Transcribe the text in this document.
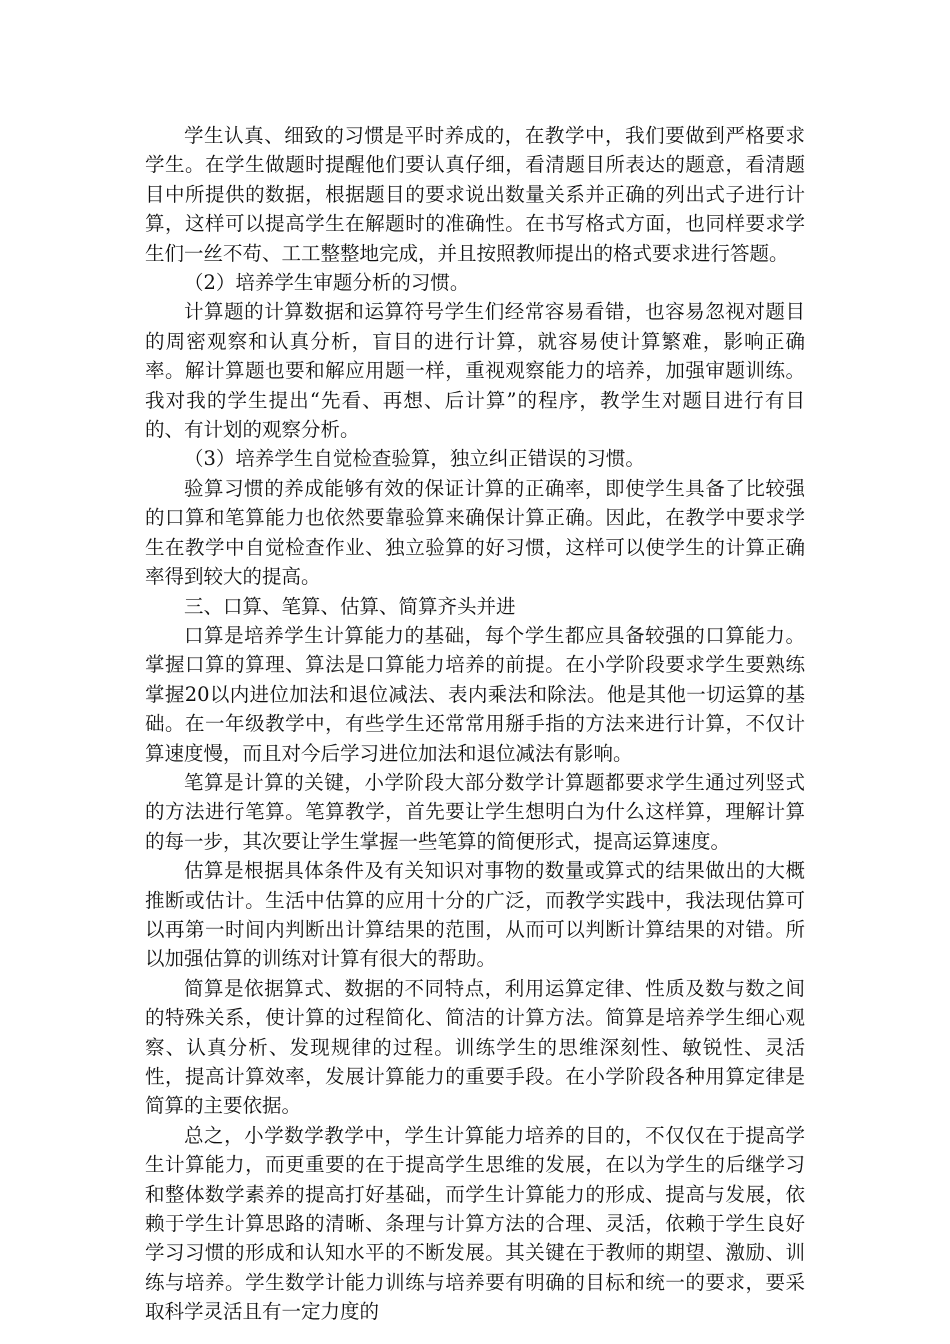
学生认真、细致的习惯是平时养成的，在教学中，我们要做到严格要求学生。在学生做题时提醒他们要认真仔细，看清题目所表达的题意，看清题目中所提供的数据，根据题目的要求说出数量关系并正确的列出式子进行计算，这样可以提高学生在解题时的准确性。在书写格式方面，也同样要求学生们一丝不苟、工工整整地完成，并且按照教师提出的格式要求进行答题。

（2）培养学生审题分析的习惯。

计算题的计算数据和运算符号学生们经常容易看错，也容易忽视对题目的周密观察和认真分析，盲目的进行计算，就容易使计算繁难，影响正确率。解计算题也要和解应用题一样，重视观察能力的培养，加强审题训练。我对我的学生提出“先看、再想、后计算”的程序，教学生对题目进行有目的、有计划的观察分析。

（3）培养学生自觉检查验算，独立纠正错误的习惯。

验算习惯的养成能够有效的保证计算的正确率，即使学生具备了比较强的口算和笔算能力也依然要靠验算来确保计算正确。因此，在教学中要求学生在教学中自觉检查作业、独立验算的好习惯，这样可以使学生的计算正确率得到较大的提高。

三、口算、笔算、估算、简算齐头并进

口算是培养学生计算能力的基础，每个学生都应具备较强的口算能力。掌握口算的算理、算法是口算能力培养的前提。在小学阶段要求学生要熟练掌握20以内进位加法和退位减法、表内乘法和除法。他是其他一切运算的基础。在一年级教学中，有些学生还常常用掰手指的方法来进行计算，不仅计算速度慢，而且对今后学习进位加法和退位减法有影响。

笔算是计算的关键，小学阶段大部分数学计算题都要求学生通过列竖式的方法进行笔算。笔算教学，首先要让学生想明白为什么这样算，理解计算的每一步，其次要让学生掌握一些笔算的简便形式，提高运算速度。

估算是根据具体条件及有关知识对事物的数量或算式的结果做出的大概推断或估计。生活中估算的应用十分的广泛，而教学实践中，我法现估算可以再第一时间内判断出计算结果的范围，从而可以判断计算结果的对错。所以加强估算的训练对计算有很大的帮助。

简算是依据算式、数据的不同特点，利用运算定律、性质及数与数之间的特殊关系，使计算的过程简化、简洁的计算方法。简算是培养学生细心观察、认真分析、发现规律的过程。训练学生的思维深刻性、敏锐性、灵活性，提高计算效率，发展计算能力的重要手段。在小学阶段各种用算定律是简算的主要依据。

总之，小学数学教学中，学生计算能力培养的目的，不仅仅在于提高学生计算能力，而更重要的在于提高学生思维的发展，在以为学生的后继学习和整体数学素养的提高打好基础，而学生计算能力的形成、提高与发展，依赖于学生计算思路的清晰、条理与计算方法的合理、灵活，依赖于学生良好学习习惯的形成和认知水平的不断发展。其关键在于教师的期望、激励、训练与培养。学生数学计能力训练与培养要有明确的目标和统一的要求，要采取科学灵活且有一定力度的
